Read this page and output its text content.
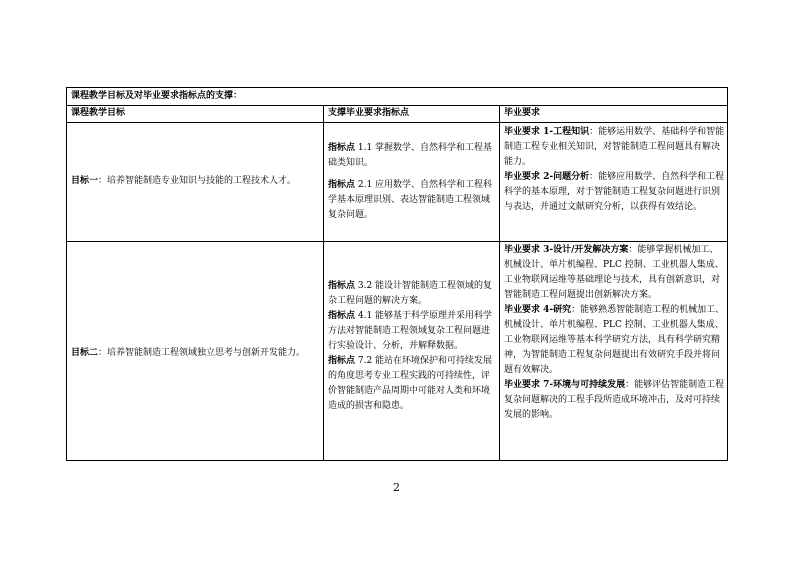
课程教学目标及对毕业要求指标点的支撑：
课程教学目标	支撑毕业要求指标点	毕业要求
目标一：培养智能制造专业知识与技能的工程技术人才。

指标点 1.1 掌握数学、自然科学和工程基础类知识。

指标点 2.1 应用数学、自然科学和工程科学基本原理识别、表达智能制造工程领域复杂问题。

毕业要求 1-工程知识：能够运用数学、基础科学和智能制造工程专业相关知识，对智能制造工程问题具有解决能力。

毕业要求 2-问题分析：能够应用数学、自然科学和工程科学的基本原理，对于智能制造工程复杂问题进行识别与表达，并通过文献研究分析，以获得有效结论。

目标二：培养智能制造工程领域独立思考与创新开发能力。

指标点 3.2 能设计智能制造工程领域的复杂工程问题的解决方案。

指标点 4.1 能够基于科学原理并采用科学方法对智能制造工程领域复杂工程问题进行实验设计、分析，并解释数据。

指标点 7.2 能站在环境保护和可持续发展的角度思考专业工程实践的可持续性，评价智能制造产品周期中可能对人类和环境造成的损害和隐患。

毕业要求 3-设计/开发解决方案：能够掌握机械加工、机械设计、单片机编程、PLC 控制、工业机器人集成、工业物联网运维等基础理论与技术，具有创新意识，对智能制造工程问题提出创新解决方案。

毕业要求 4-研究：能够熟悉智能制造工程的机械加工、机械设计、单片机编程、PLC 控制、工业机器人集成、工业物联网运维等基本科学研究方法，具有科学研究精神，为智能制造工程复杂问题提出有效研究手段并将问题有效解决。

毕业要求 7-环境与可持续发展：能够评估智能制造工程复杂问题解决的工程手段所造成环境冲击，及对可持续发展的影响。

2
